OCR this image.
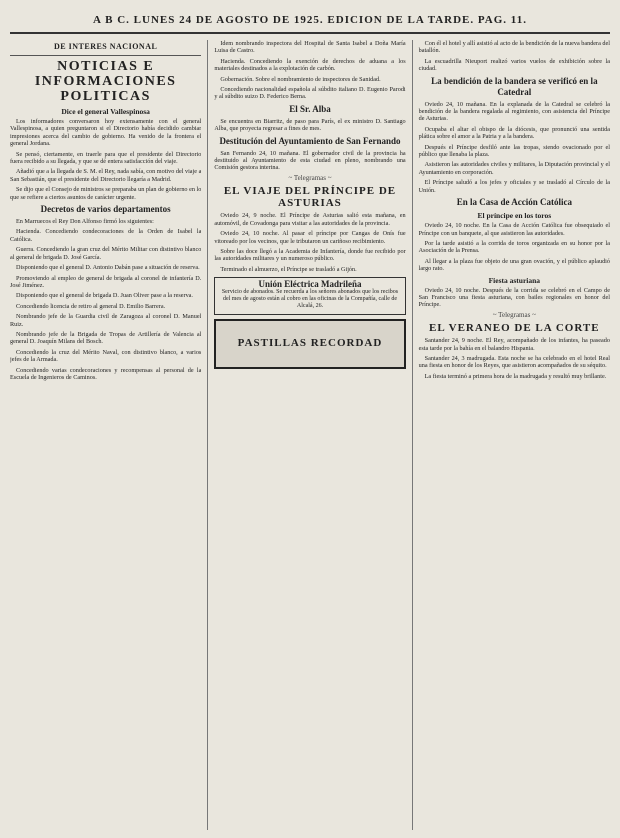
A B C. LUNES 24 DE AGOSTO DE 1925. EDICION DE LA TARDE. PAG. 11.
DE INTERES NACIONAL
NOTICIAS E INFORMACIONES POLITICAS
Dice el general Vallespinosa

Los informadores conversaron hoy extensamente con el general Vallespinosa, a quien preguntaron si el Directorio había decidido cambiar impresiones acerca del cambio de gobierno. Ha venido de la frontera el general Jordana.

Se pensó, ciertamente, en traerle para que el presidente del Directorio fuera recibido a su llegada, y que se dé entera satisfacción del viaje.

Añadió que a la llegada de S. M. el Rey, nada sabía, con motivo del viaje a San Sebastián, que el presidente del Directorio llegaría a Madrid.

Se dijo que el Consejo de ministros se preparaba un plan de gobierno en lo que se refiere a ciertos asuntos de carácter urgente.

Decretos de varios departamentos

En Marruecos el Rey Don Alfonso firmó los siguientes:

Hacienda. Concediendo condecoraciones de la Orden de Isabel la Católica.

Guerra. Concediendo la gran cruz del Mérito Militar con distintivo blanco al general de brigada D. José García.

Disponiendo que el general D. Antonio Dabán pase a situación de reserva.

Promoviendo al empleo de general de brigada al coronel de infantería D. José Jiménez.

Disponiendo que el general de brigada D. Juan Oliver pase a la reserva.

Concediendo licencia de retiro al general D. Emilio Barrera.

Nombrando jefe de la Guardia civil de Zaragoza al coronel D. Manuel Ruiz.

Nombrando jefe de la Brigada de Tropas de Artillería de Valencia al general D. Joaquín Milans del Bosch.

Concediendo la cruz del Mérito Naval, con distintivo blanco, a varios jefes de la Armada.

Concediendo varias condecoraciones y recompensas al personal de la Escuela de Ingenieros de Caminos.

Idem nombrando inspectora del Hospital de Santa Isabel a Doña María Luisa de Castro.

Hacienda. Concediendo la exención de derechos de aduana a los materiales destinados a la explotación de carbón.

Gobernación. Sobre el nombramiento de inspectores de Sanidad.

Concediendo nacionalidad española al súbdito italiano D. Eugenio Parodi y al súbdito suizo D. Federico Berna.

El Sr. Alba

Se encuentra en Biarritz, de paso para París, el ex ministro D. Santiago Alba, que proyecta regresar a fines de mes.

Destitución del Ayuntamiento de San Fernando

San Fernando 24, 10 mañana. El gobernador civil de la provincia ha destituido al Ayuntamiento de esta ciudad en pleno, nombrando una Comisión gestora interina.

~ Telegramas ~
EL VIAJE DEL PRÍNCIPE DE ASTURIAS

Oviedo 24, 9 noche. El Príncipe de Asturias salió esta mañana, en automóvil, de Covadonga para visitar a las autoridades de la provincia.

Oviedo 24, 10 noche. Al pasar el príncipe por Cangas de Onís fue vitoreado por los vecinos, que le tributaron un cariñoso recibimiento.

Sobre las doce llegó a la Academia de Infantería, donde fue recibido por las autoridades militares y un numeroso público.

Terminado el almuerzo, el Príncipe se trasladó a Gijón.

Unión Eléctrica Madrileña
Servicio de abonados. Se recuerda a los señores abonados que los recibos del mes de agosto están al cobro en las oficinas de la Compañía, calle de Alcalá, 26.
PASTILLAS RECORDAD

Con él el hotel y allí asistió al acto de la bendición de la nueva bandera del batallón.

La escuadrilla Nieuport realizó varios vuelos de exhibición sobre la ciudad.

La bendición de la bandera se verificó en la Catedral

Oviedo 24, 10 mañana. En la explanada de la Catedral se celebró la bendición de la bandera regalada al regimiento, con asistencia del Príncipe de Asturias.

Ocupaba el altar el obispo de la diócesis, que pronunció una sentida plática sobre el amor a la Patria y a la bandera.

Después el Príncipe desfiló ante las tropas, siendo ovacionado por el público que llenaba la plaza.

Asistieron las autoridades civiles y militares, la Diputación provincial y el Ayuntamiento en corporación.

El Príncipe saludó a los jefes y oficiales y se trasladó al Círculo de la Unión.

En la Casa de Acción Católica
El príncipe en los toros

Oviedo 24, 10 noche. En la Casa de Acción Católica fue obsequiado el Príncipe con un banquete, al que asistieron las autoridades.

Por la tarde asistió a la corrida de toros organizada en su honor por la Asociación de la Prensa.

Al llegar a la plaza fue objeto de una gran ovación, y el público aplaudió largo rato.

Fiesta asturiana

Oviedo 24, 10 noche. Después de la corrida se celebró en el Campo de San Francisco una fiesta asturiana, con bailes regionales en honor del Príncipe.

~ Telegramas ~
EL VERANEO DE LA CORTE

Santander 24, 9 noche. El Rey, acompañado de los infantes, ha paseado esta tarde por la bahía en el balandro Hispania.

Santander 24, 3 madrugada. Esta noche se ha celebrado en el hotel Real una fiesta en honor de los Reyes, que asistieron acompañados de su séquito.

La fiesta terminó a primera hora de la madrugada y resultó muy brillante.
